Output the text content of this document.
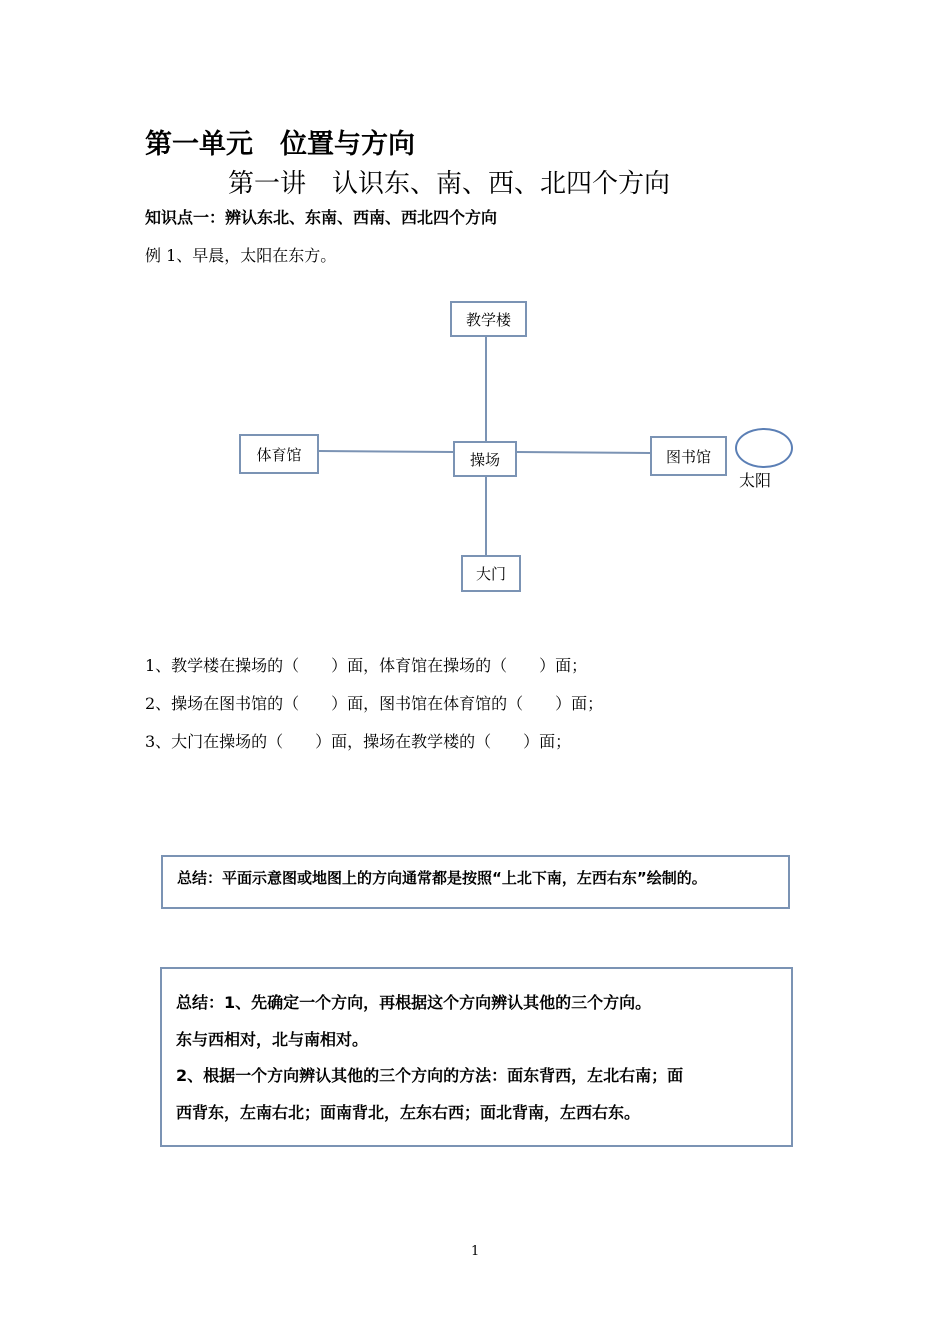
第一单元　位置与方向
第一讲　认识东、南、西、北四个方向
知识点一：辨认东北、东南、西南、西北四个方向
例 1、早晨，太阳在东方。
教学楼
体育馆	操场	图书馆
大门
太阳
1、教学楼在操场的（　　）面，体育馆在操场的（　　）面；
2、操场在图书馆的（　　）面，图书馆在体育馆的（　　）面；
3、大门在操场的（　　）面，操场在教学楼的（　　）面；

总结：平面示意图或地图上的方向通常都是按照“上北下南，左西右东”绘制的。

总结：1、先确定一个方向，再根据这个方向辨认其他的三个方向。

东与西相对，北与南相对。

2、根据一个方向辨认其他的三个方向的方法：面东背西，左北右南；面

西背东，左南右北；面南背北，左东右西；面北背南，左西右东。

1
